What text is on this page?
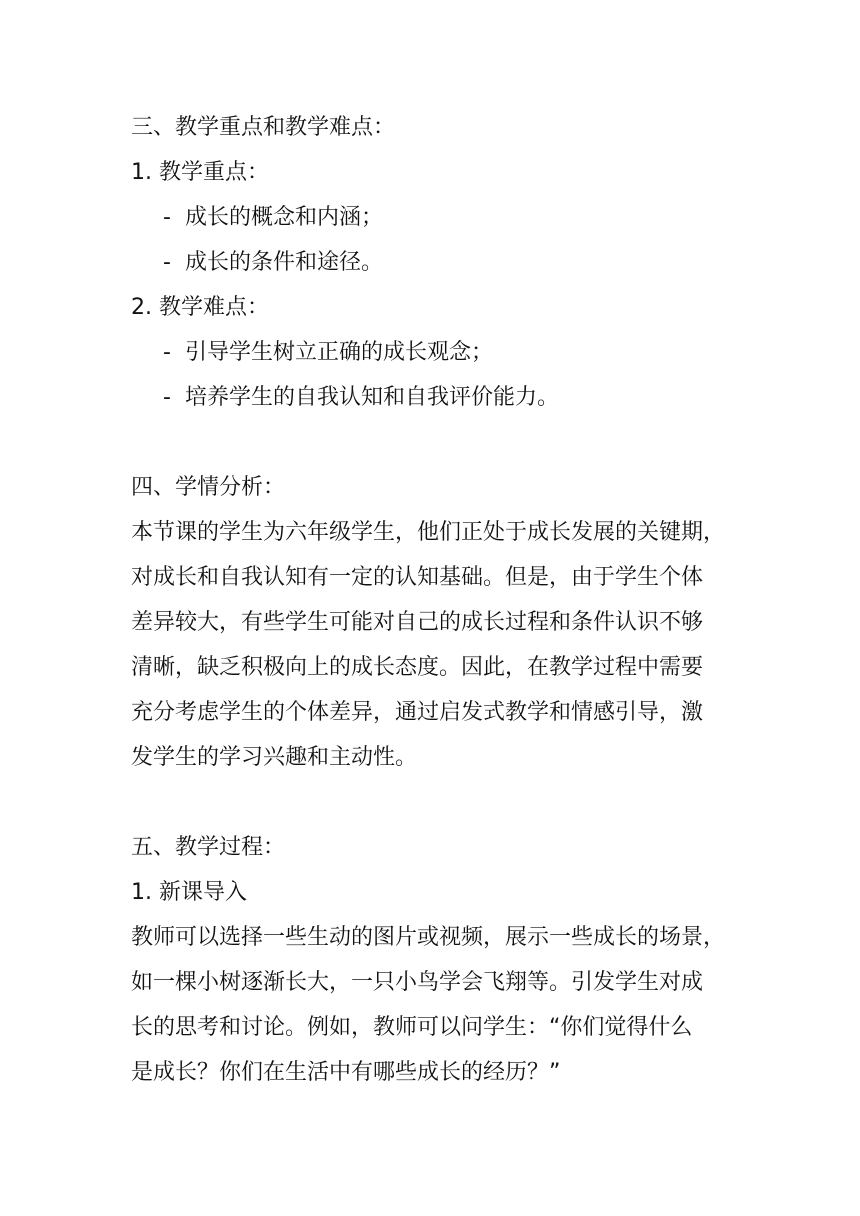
三、教学重点和教学难点：
1. 教学重点：
- 成长的概念和内涵；
- 成长的条件和途径。
2. 教学难点：
- 引导学生树立正确的成长观念；
- 培养学生的自我认知和自我评价能力。
四、学情分析：
本节课的学生为六年级学生，他们正处于成长发展的关键期，
对成长和自我认知有一定的认知基础。但是，由于学生个体
差异较大，有些学生可能对自己的成长过程和条件认识不够
清晰，缺乏积极向上的成长态度。因此，在教学过程中需要
充分考虑学生的个体差异，通过启发式教学和情感引导，激
发学生的学习兴趣和主动性。
五、教学过程：
1. 新课导入
教师可以选择一些生动的图片或视频，展示一些成长的场景，
如一棵小树逐渐长大，一只小鸟学会飞翔等。引发学生对成
长的思考和讨论。例如，教师可以问学生：“你们觉得什么
是成长？你们在生活中有哪些成长的经历？”
